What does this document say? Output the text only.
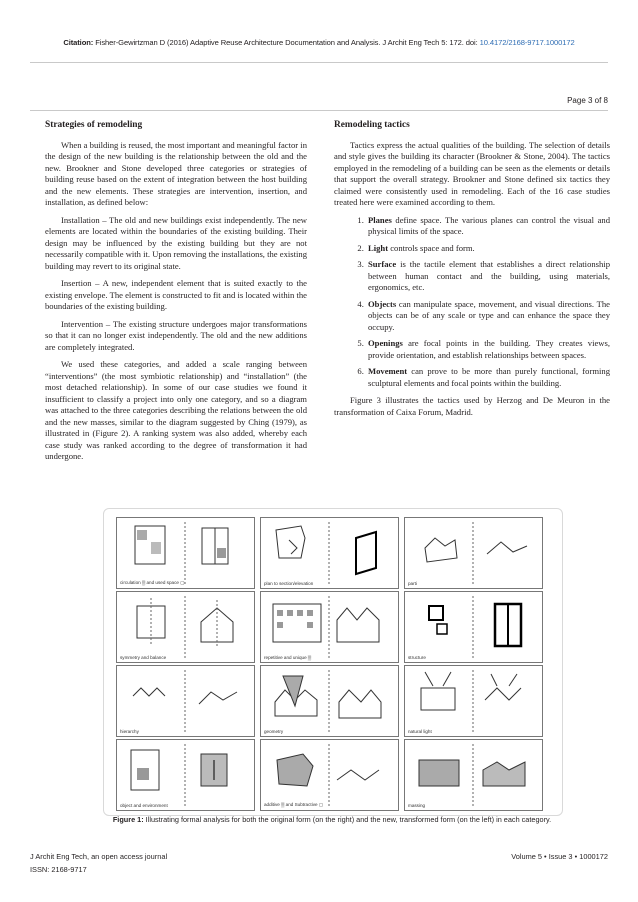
Citation: Fisher-Gewirtzman D (2016) Adaptive Reuse Architecture Documentation and Analysis. J Archit Eng Tech 5: 172. doi: 10.4172/2168-9717.1000172
Page 3 of 8
Strategies of remodeling

When a building is reused, the most important and meaningful factor in the design of the new building is the relationship between the old and the new. Brookner and Stone developed three categories or strategies of building reuse based on the extent of integration between the host building and the new elements. These strategies are intervention, insertion, and installation, as defined below:

Installation – The old and new buildings exist independently. The new elements are located within the boundaries of the existing building. Their design may be influenced by the existing building but they are not necessarily compatible with it. Upon removing the installations, the existing building may revert to its original state.

Insertion – A new, independent element that is suited exactly to the existing envelope. The element is constructed to fit and is located within the boundaries of the existing building.

Intervention – The existing structure undergoes major transformations so that it can no longer exist independently. The old and the new additions are completely integrated.

We used these categories, and added a scale ranging between “interventions” (the most symbiotic relationship) and “installation” (the most detached relationship). In some of our case studies we found it insufficient to classify a project into only one category, and so a diagram was attached to the three categories describing the relations between the old and the new masses, similar to the diagram suggested by Ching (1979), as illustrated in (Figure 2). A ranking system was also added, whereby each case study was ranked according to the degree of transformation it had undergone.

Remodeling tactics

Tactics express the actual qualities of the building. The selection of details and style gives the building its character (Brookner & Stone, 2004). The tactics employed in the remodeling of a building can be seen as the elements or details that support the overall strategy. Brookner and Stone defined six tactics they claimed were consistently used in remodeling. Each of the 16 case studies treated here were examined according to them.

1. Planes define space. The various planes can control the visual and physical limits of the space.
2. Light controls space and form.
3. Surface is the tactile element that establishes a direct relationship between human contact and the building, using materials, ergonomics, etc.
4. Objects can manipulate space, movement, and visual directions. The objects can be of any scale or type and can enhance the space they occupy.
5. Openings are focal points in the building. They creates views, provide orientation, and establish relationships between spaces.
6. Movement can prove to be more than purely functional, forming sculptural elements and focal points within the building.

Figure 3 illustrates the tactics used by Herzog and De Meuron in the transformation of Caixa Forum, Madrid.

circulation ▒ and used space ▢	plan to section/elevation	parti
symmetry and balance	repetitive and unique ▒	structure
hierarchy	geometry	natural light
object and environment	additive ▒ and Subtractive ▢	massing
Figure 1: Illustrating formal analysis for both the original form (on the right) and the new, transformed form (on the left) in each category.
J Archit Eng Tech, an open access journal
ISSN: 2168-9717
Volume 5 • Issue 3 • 1000172
